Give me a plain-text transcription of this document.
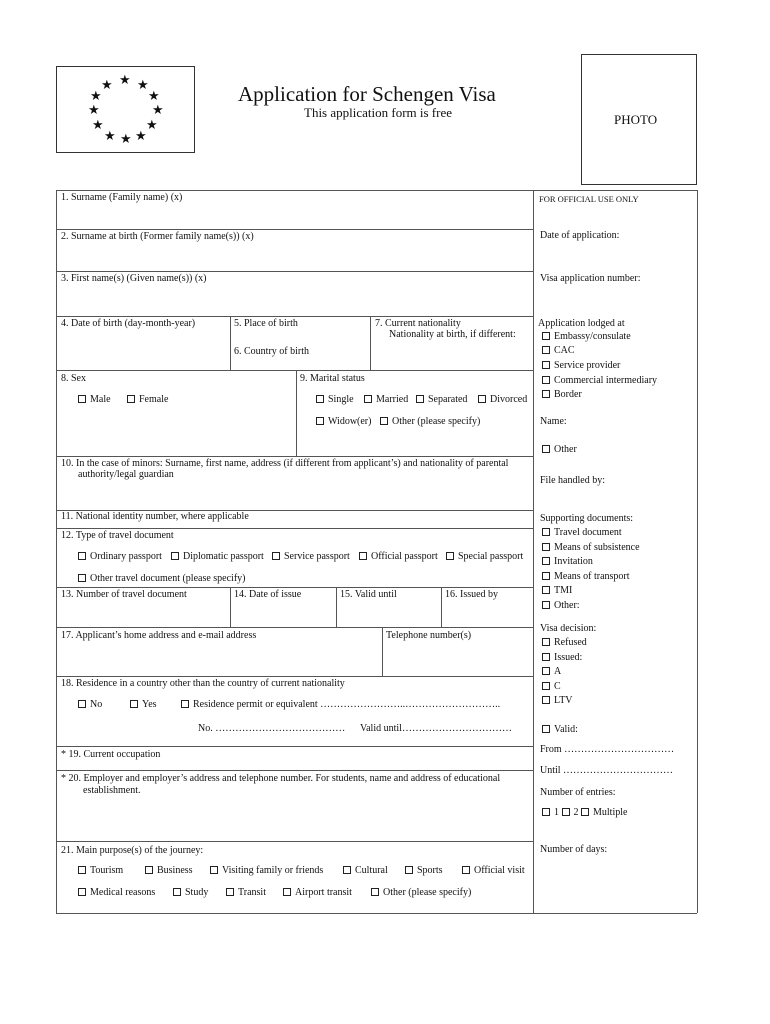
★
★ ★
★	★
★	★
★	★
★ ★ ★
Application for Schengen Visa
This application form is free	PHOTO
1. Surname (Family name) (x)
2. Surname at birth (Former family name(s)) (x)
3. First name(s) (Given name(s)) (x)
4. Date of birth (day-month-year)	5. Place of birth
6. Country of birth
7. Current nationality
Nationality at birth, if different:
8. Sex
Male	Female
9. Marital status
Single	Married	Separated	Divorced
Widow(er)	Other (please specify)
10. In the case of minors: Surname, first name, address (if different from applicant’s) and nationality of parental
authority/legal guardian
11. National identity number, where applicable
12. Type of travel document
Ordinary passport	Diplomatic passport	Service passport	Official passport	Special passport
Other travel document (please specify)
13. Number of travel document	14. Date of issue	15. Valid until	16. Issued by
17. Applicant’s home address and e-mail address	Telephone number(s)
18. Residence in a country other than the country of current nationality
No	Yes	Residence permit or equivalent ……………………..………………………..
No. ………………………………… Valid until……………………………
* 19. Current occupation
* 20. Employer and employer’s address and telephone number. For students, name and address of educational
establishment.
21. Main purpose(s) of the journey:
Tourism	Business	Visiting family or friends	Cultural	Sports	Official visit
Medical reasons	Study	Transit	Airport transit	Other (please specify)
FOR OFFICIAL USE ONLY
Date of application:
Visa application number:
Application lodged at
Embassy/consulate
CAC
Service provider
Commercial intermediary
Border
Name:
Other
File handled by:
Supporting documents:
Travel document
Means of subsistence
Invitation
Means of transport
TMI
Other:
Visa decision:
Refused
Issued:
A
C
LTV
Valid:
From ……………………………
Until ……………………………
Number of entries:
1 2 Multiple
Number of days:
